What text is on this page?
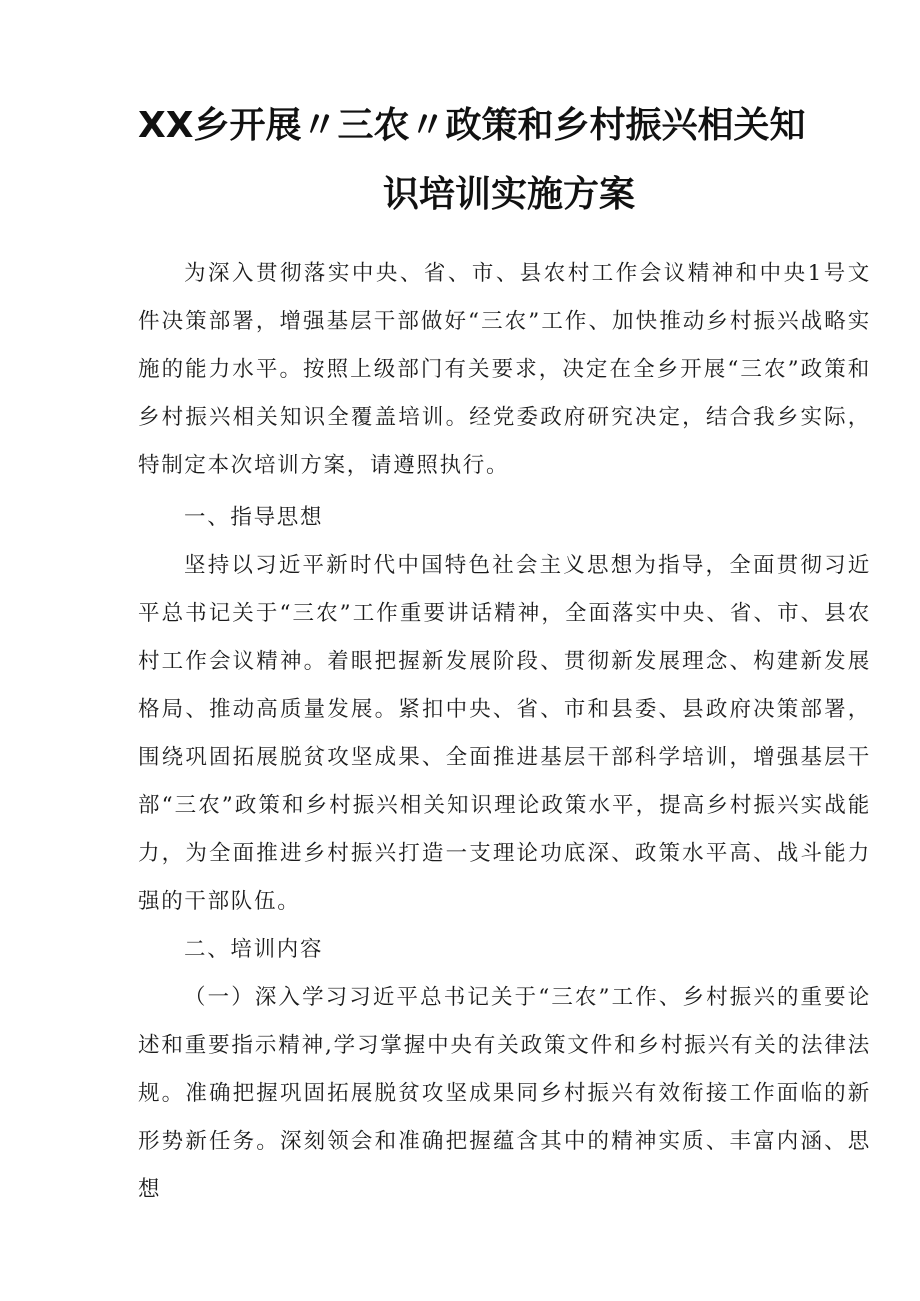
XX乡开展〃三农〃政策和乡村振兴相关知
识培训实施方案
为深入贯彻落实中央、省、市、县农村工作会议精神和中央1号文件决策部署，增强基层干部做好“三农”工作、加快推动乡村振兴战略实施的能力水平。按照上级部门有关要求，决定在全乡开展“三农”政策和乡村振兴相关知识全覆盖培训。经党委政府研究决定，结合我乡实际，特制定本次培训方案，请遵照执行。
一、指导思想
坚持以习近平新时代中国特色社会主义思想为指导，全面贯彻习近平总书记关于“三农”工作重要讲话精神，全面落实中央、省、市、县农村工作会议精神。着眼把握新发展阶段、贯彻新发展理念、构建新发展格局、推动高质量发展。紧扣中央、省、市和县委、县政府决策部署，围绕巩固拓展脱贫攻坚成果、全面推进基层干部科学培训，增强基层干部“三农”政策和乡村振兴相关知识理论政策水平，提高乡村振兴实战能力，为全面推进乡村振兴打造一支理论功底深、政策水平高、战斗能力强的干部队伍。
二、培训内容
（一）深入学习习近平总书记关于“三农”工作、乡村振兴的重要论述和重要指示精神,学习掌握中央有关政策文件和乡村振兴有关的法律法规。准确把握巩固拓展脱贫攻坚成果同乡村振兴有效衔接工作面临的新形势新任务。深刻领会和准确把握蕴含其中的精神实质、丰富内涵、思想
